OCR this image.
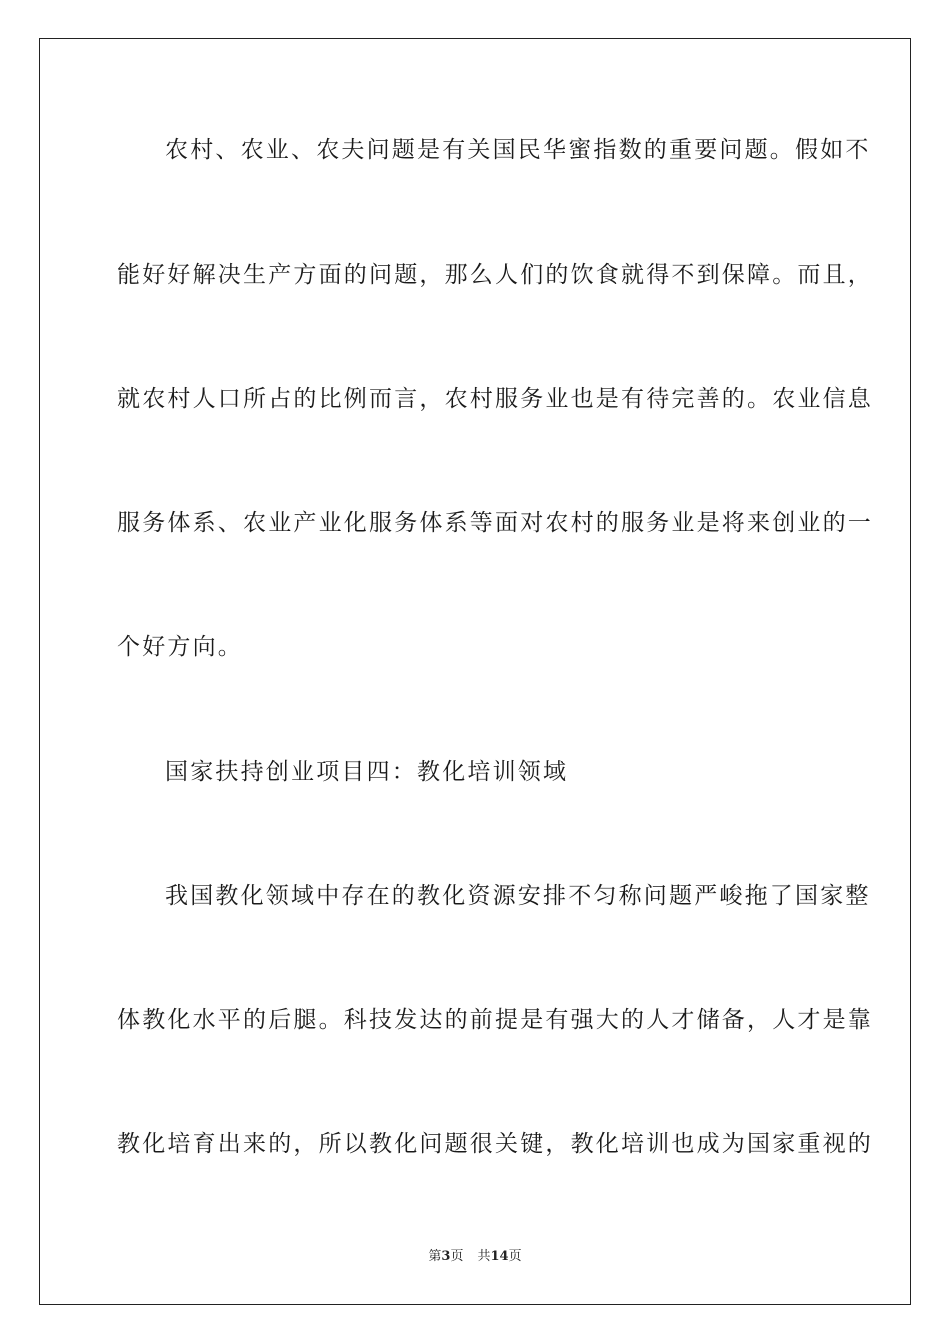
农村、农业、农夫问题是有关国民华蜜指数的重要问题。假如不
能好好解决生产方面的问题，那么人们的饮食就得不到保障。而且，
就农村人口所占的比例而言，农村服务业也是有待完善的。农业信息
服务体系、农业产业化服务体系等面对农村的服务业是将来创业的一
个好方向。
国家扶持创业项目四：教化培训领域
我国教化领域中存在的教化资源安排不匀称问题严峻拖了国家整
体教化水平的后腿。科技发达的前提是有强大的人才储备，人才是靠
教化培育出来的，所以教化问题很关键，教化培训也成为国家重视的
第3页 共14页
